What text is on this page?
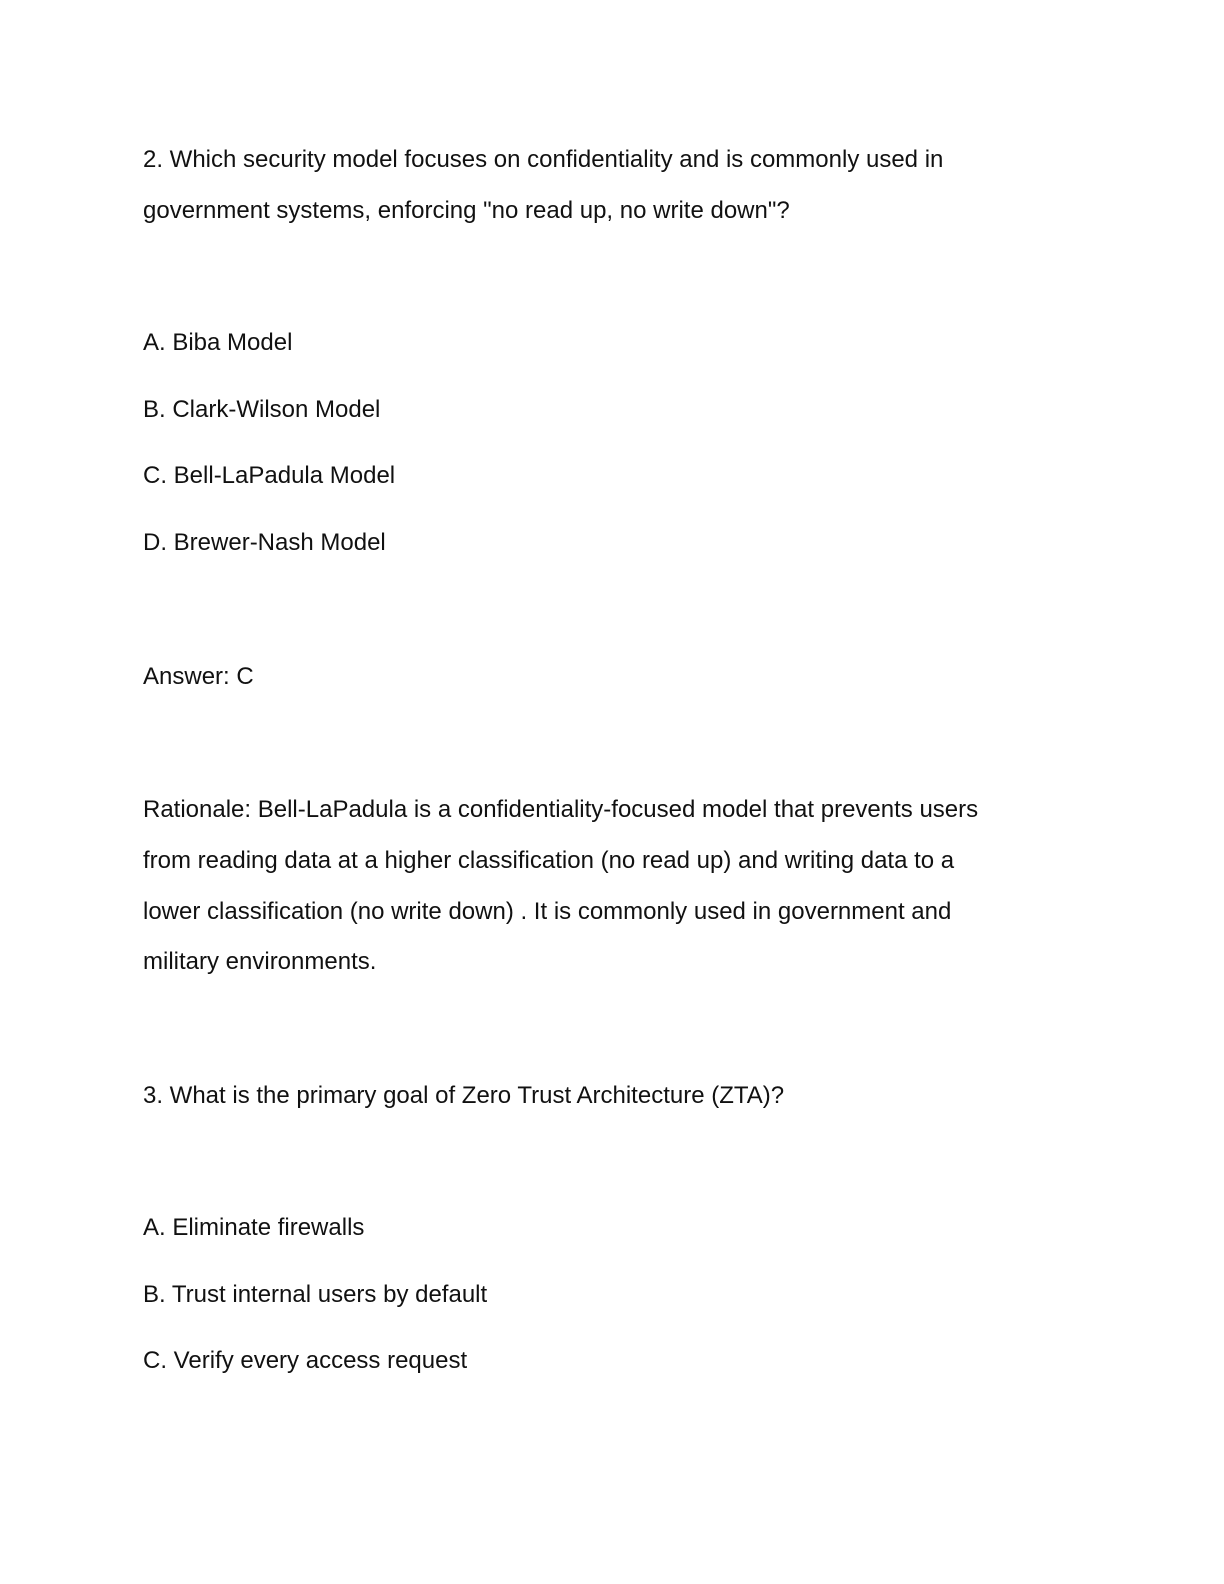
2. Which security model focuses on confidentiality and is commonly used in
government systems, enforcing "no read up, no write down"?
A. Biba Model
B. Clark-Wilson Model
C. Bell-LaPadula Model
D. Brewer-Nash Model
Answer: C
Rationale: Bell-LaPadula is a confidentiality-focused model that prevents users
from reading data at a higher classification (no read up) and writing data to a
lower classification (no write down) . It is commonly used in government and
military environments.
3. What is the primary goal of Zero Trust Architecture (ZTA)?
A. Eliminate firewalls
B. Trust internal users by default
C. Verify every access request
